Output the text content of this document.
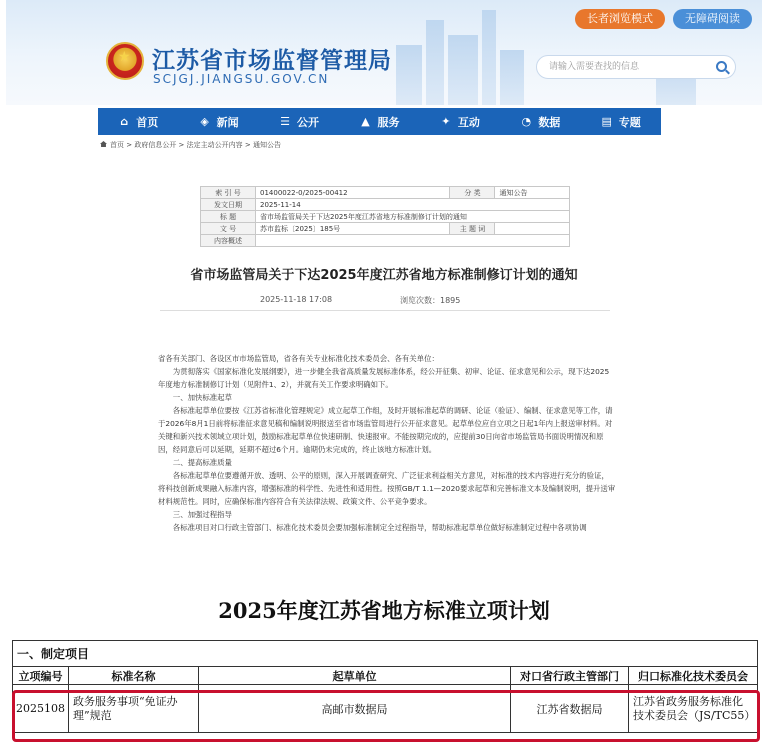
长者浏览模式	无障碍阅读
★
江苏省市场监督管理局
SCJGJ.JIANGSU.GOV.CN
请输入需要查找的信息
⌂ 首页	◈ 新闻	☰ 公开	▲ 服务	✦ 互动	◔ 数据	▤ 专题
首页 > 政府信息公开 > 法定主动公开内容 > 通知公告
索 引 号	01400022-0/2025-00412	分 类	通知公告
发文日期	2025-11-14		
标 题	省市场监管局关于下达2025年度江苏省地方标准制修订计划的通知		
文 号	苏市监标〔2025〕185号	主 题 词	
内容概述			
省市场监管局关于下达2025年度江苏省地方标准制修订计划的通知
2025-11-18 17:08	浏览次数：1895

省各有关部门、各设区市市场监管局，省各有关专业标准化技术委员会、各有关单位：

为贯彻落实《国家标准化发展纲要》，进一步健全我省高质量发展标准体系，经公开征集、初审、论证、征求意见和公示，现下达2025年度地方标准制修订计划（见附件1、2），并就有关工作要求明确如下。

一、加快标准起草

各标准起草单位要按《江苏省标准化管理规定》成立起草工作组，及时开展标准起草的调研、论证（验证）、编制、征求意见等工作，请于2026年8月1日前将标准征求意见稿和编制说明报送至省市场监管局进行公开征求意见。起草单位应自立项之日起1年内上报送审材料。对关键和新兴技术领域立项计划，鼓励标准起草单位快速研制、快速报审。不能按期完成的，应提前30日向省市场监管局书面说明情况和原因，经同意后可以延期，延期不超过6个月。逾期仍未完成的，终止该地方标准计划。

二、提高标准质量

各标准起草单位要遵循开放、透明、公平的原则，深入开展调查研究、广泛征求利益相关方意见，对标准的技术内容进行充分的验证，将科技创新成果融入标准内容，增强标准的科学性、先进性和适用性。按照GB/T 1.1—2020要求起草和完善标准文本及编制说明，提升送审材料规范性。同时，应确保标准内容符合有关法律法规、政策文件、公平竞争要求。

三、加强过程指导

各标准项目对口行政主管部门、标准化技术委员会要加强标准制定全过程指导，帮助标准起草单位做好标准制定过程中各项协调

2025年度江苏省地方标准立项计划
一、制定项目				
立项编号	标准名称	起草单位	对口省行政主管部门	归口标准化技术委员会
2025108	政务服务事项“免证办理”规范	高邮市数据局	江苏省数据局	江苏省政务服务标准化技术委员会（JS/TC55）
